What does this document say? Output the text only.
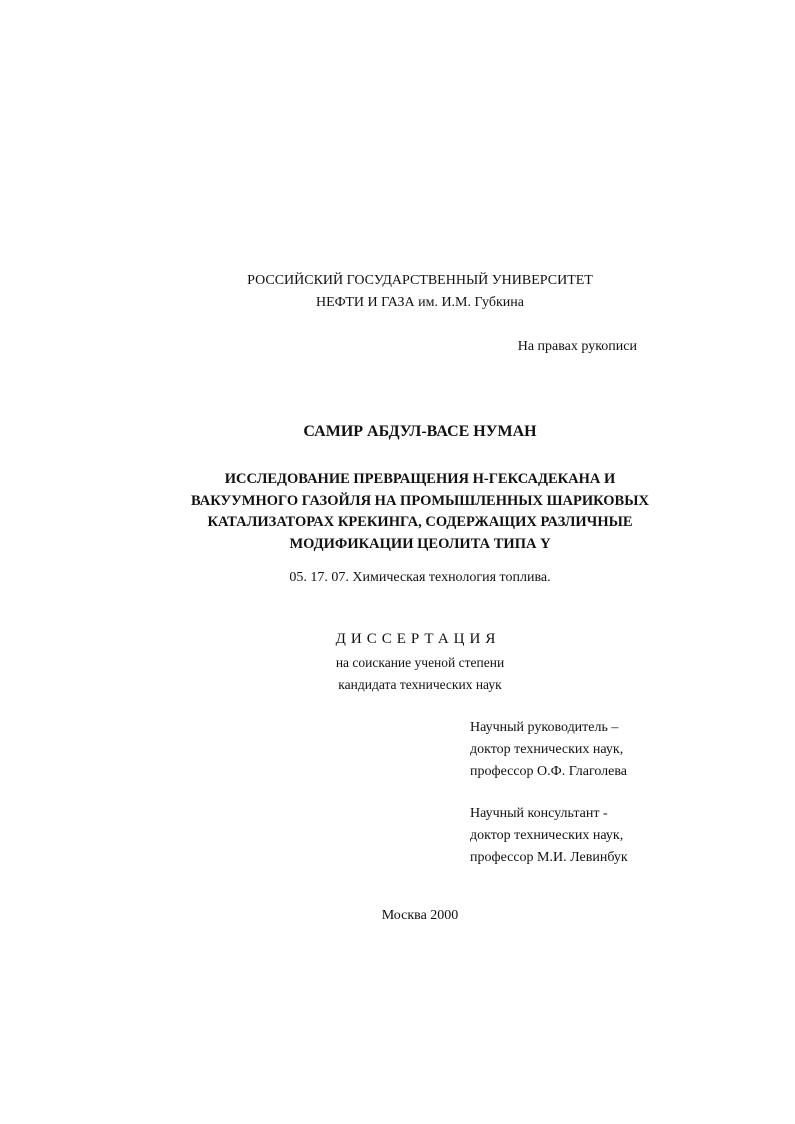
РОССИЙСКИЙ ГОСУДАРСТВЕННЫЙ УНИВЕРСИТЕТ
НЕФТИ И ГАЗА им. И.М. Губкина
На правах рукописи
САМИР АБДУЛ-ВАСЕ НУМАН
ИССЛЕДОВАНИЕ ПРЕВРАЩЕНИЯ Н-ГЕКСАДЕКАНА И
ВАКУУМНОГО ГАЗОЙЛЯ НА ПРОМЫШЛЕННЫХ ШАРИКОВЫХ
КАТАЛИЗАТОРАХ КРЕКИНГА, СОДЕРЖАЩИХ РАЗЛИЧНЫЕ
МОДИФИКАЦИИ ЦЕОЛИТА ТИПА Y
05. 17. 07. Химическая технология топлива.
ДИССЕРТАЦИЯ
на соискание ученой степени
кандидата технических наук
Научный руководитель –
доктор технических наук,
профессор О.Ф. Глаголева
Научный консультант -
доктор технических наук,
профессор М.И. Левинбук
Москва 2000
